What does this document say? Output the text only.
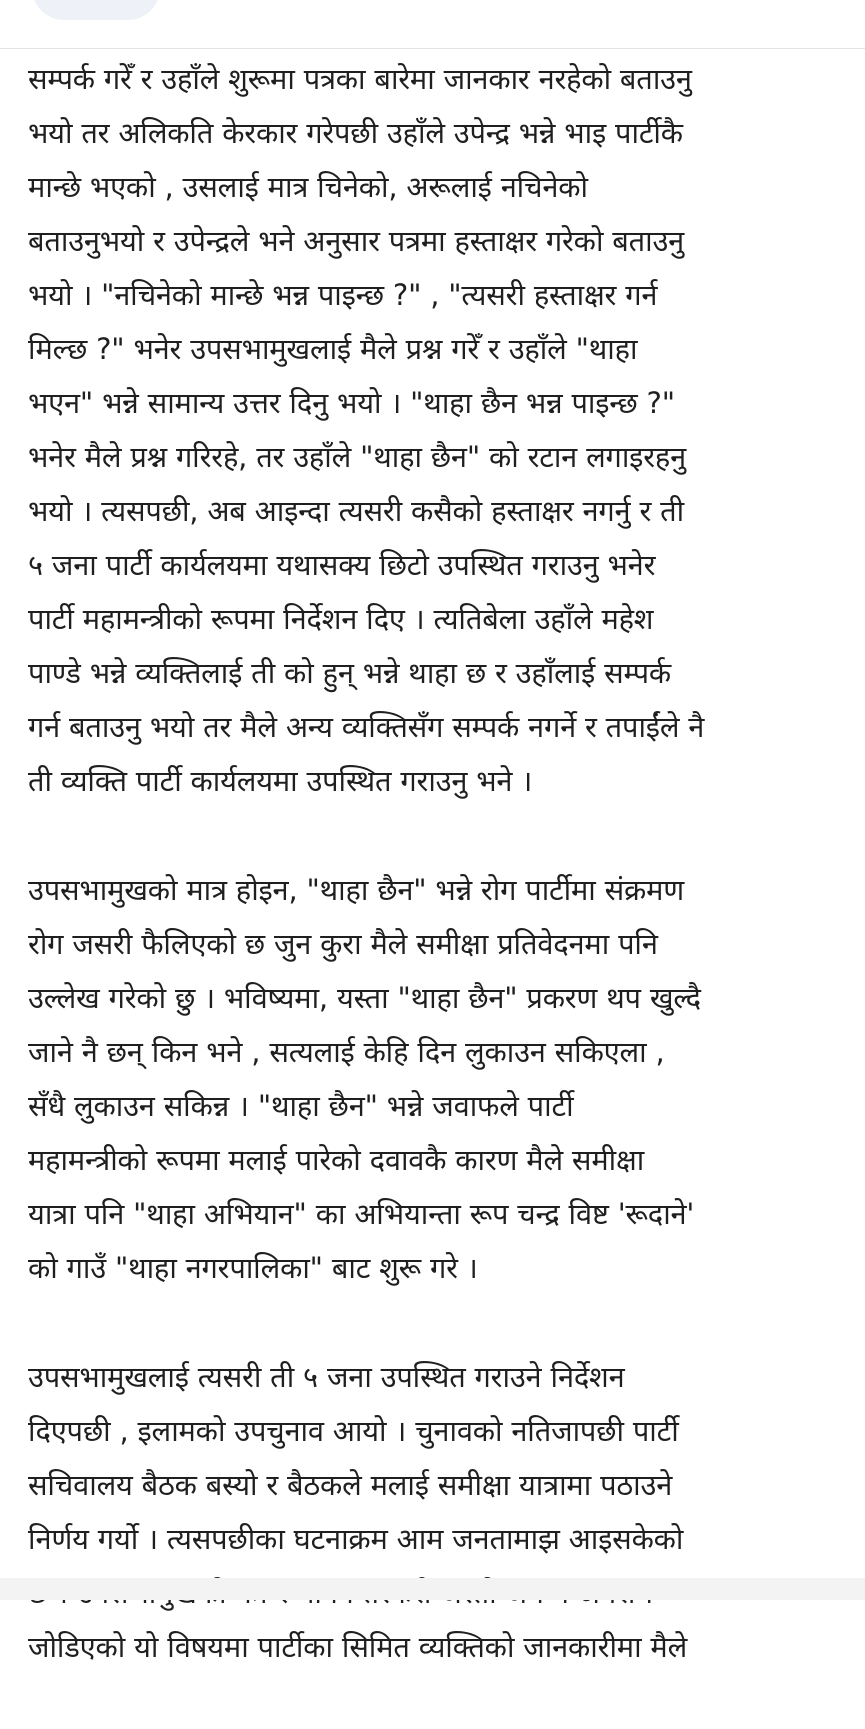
सम्पर्क गरेँ र उहाँले शुरूमा पत्रका बारेमा जानकार नरहेको बताउनु
भयो तर अलिकति केरकार गरेपछी उहाँले उपेन्द्र भन्ने भाइ पार्टीकै
मान्छे भएको , उसलाई मात्र चिनेको, अरूलाई नचिनेको
बताउनुभयो र उपेन्द्रले भने अनुसार पत्रमा हस्ताक्षर गरेको बताउनु
भयो । "नचिनेको मान्छे भन्न पाइन्छ ?" , "त्यसरी हस्ताक्षर गर्न
मिल्छ ?" भनेर उपसभामुखलाई मैले प्रश्न गरेँ र उहाँले "थाहा
भएन" भन्ने सामान्य उत्तर दिनु भयो । "थाहा छैन भन्न पाइन्छ ?"
भनेर मैले प्रश्न गरिरहे, तर उहाँले "थाहा छैन" को रटान लगाइरहनु
भयो । त्यसपछी, अब आइन्दा त्यसरी कसैको हस्ताक्षर नगर्नु र ती
५ जना पार्टी कार्यलयमा यथासक्य छिटो उपस्थित गराउनु भनेर
पार्टी महामन्त्रीको रूपमा निर्देशन दिए । त्यतिबेला उहाँले महेश
पाण्डे भन्ने व्यक्तिलाई ती को हुन् भन्ने थाहा छ र उहाँलाई सम्पर्क
गर्न बताउनु भयो तर मैले अन्य व्यक्तिसँग सम्पर्क नगर्ने र तपाईंले नै
ती व्यक्ति पार्टी कार्यलयमा उपस्थित गराउनु भने ।

उपसभामुखको मात्र होइन, "थाहा छैन" भन्ने रोग पार्टीमा संक्रमण
रोग जसरी फैलिएको छ जुन कुरा मैले समीक्षा प्रतिवेदनमा पनि
उल्लेख गरेको छु । भविष्यमा, यस्ता "थाहा छैन" प्रकरण थप खुल्दै
जाने नै छन् किन भने , सत्यलाई केहि दिन लुकाउन सकिएला ,
सँधै लुकाउन सकिन्न । "थाहा छैन" भन्ने जवाफले पार्टी
महामन्त्रीको रूपमा मलाई पारेको दवावकै कारण मैले समीक्षा
यात्रा पनि "थाहा अभियान" का अभियान्ता रूप चन्द्र विष्ट 'रूदाने'
को गाउँ "थाहा नगरपालिका" बाट शुरू गरे ।

उपसभामुखलाई त्यसरी ती ५ जना उपस्थित गराउने निर्देशन
दिएपछी , इलामको उपचुनाव आयो । चुनावको नतिजापछी पार्टी
सचिवालय बैठक बस्यो र बैठकले मलाई समीक्षा यात्रामा पठाउने
निर्णय गर्यो । त्यसपछीका घटनाक्रम आम जनतामाझ आइसकेको

जोडिएको यो विषयमा पार्टीका सिमित व्यक्तिको जानकारीमा मैले
